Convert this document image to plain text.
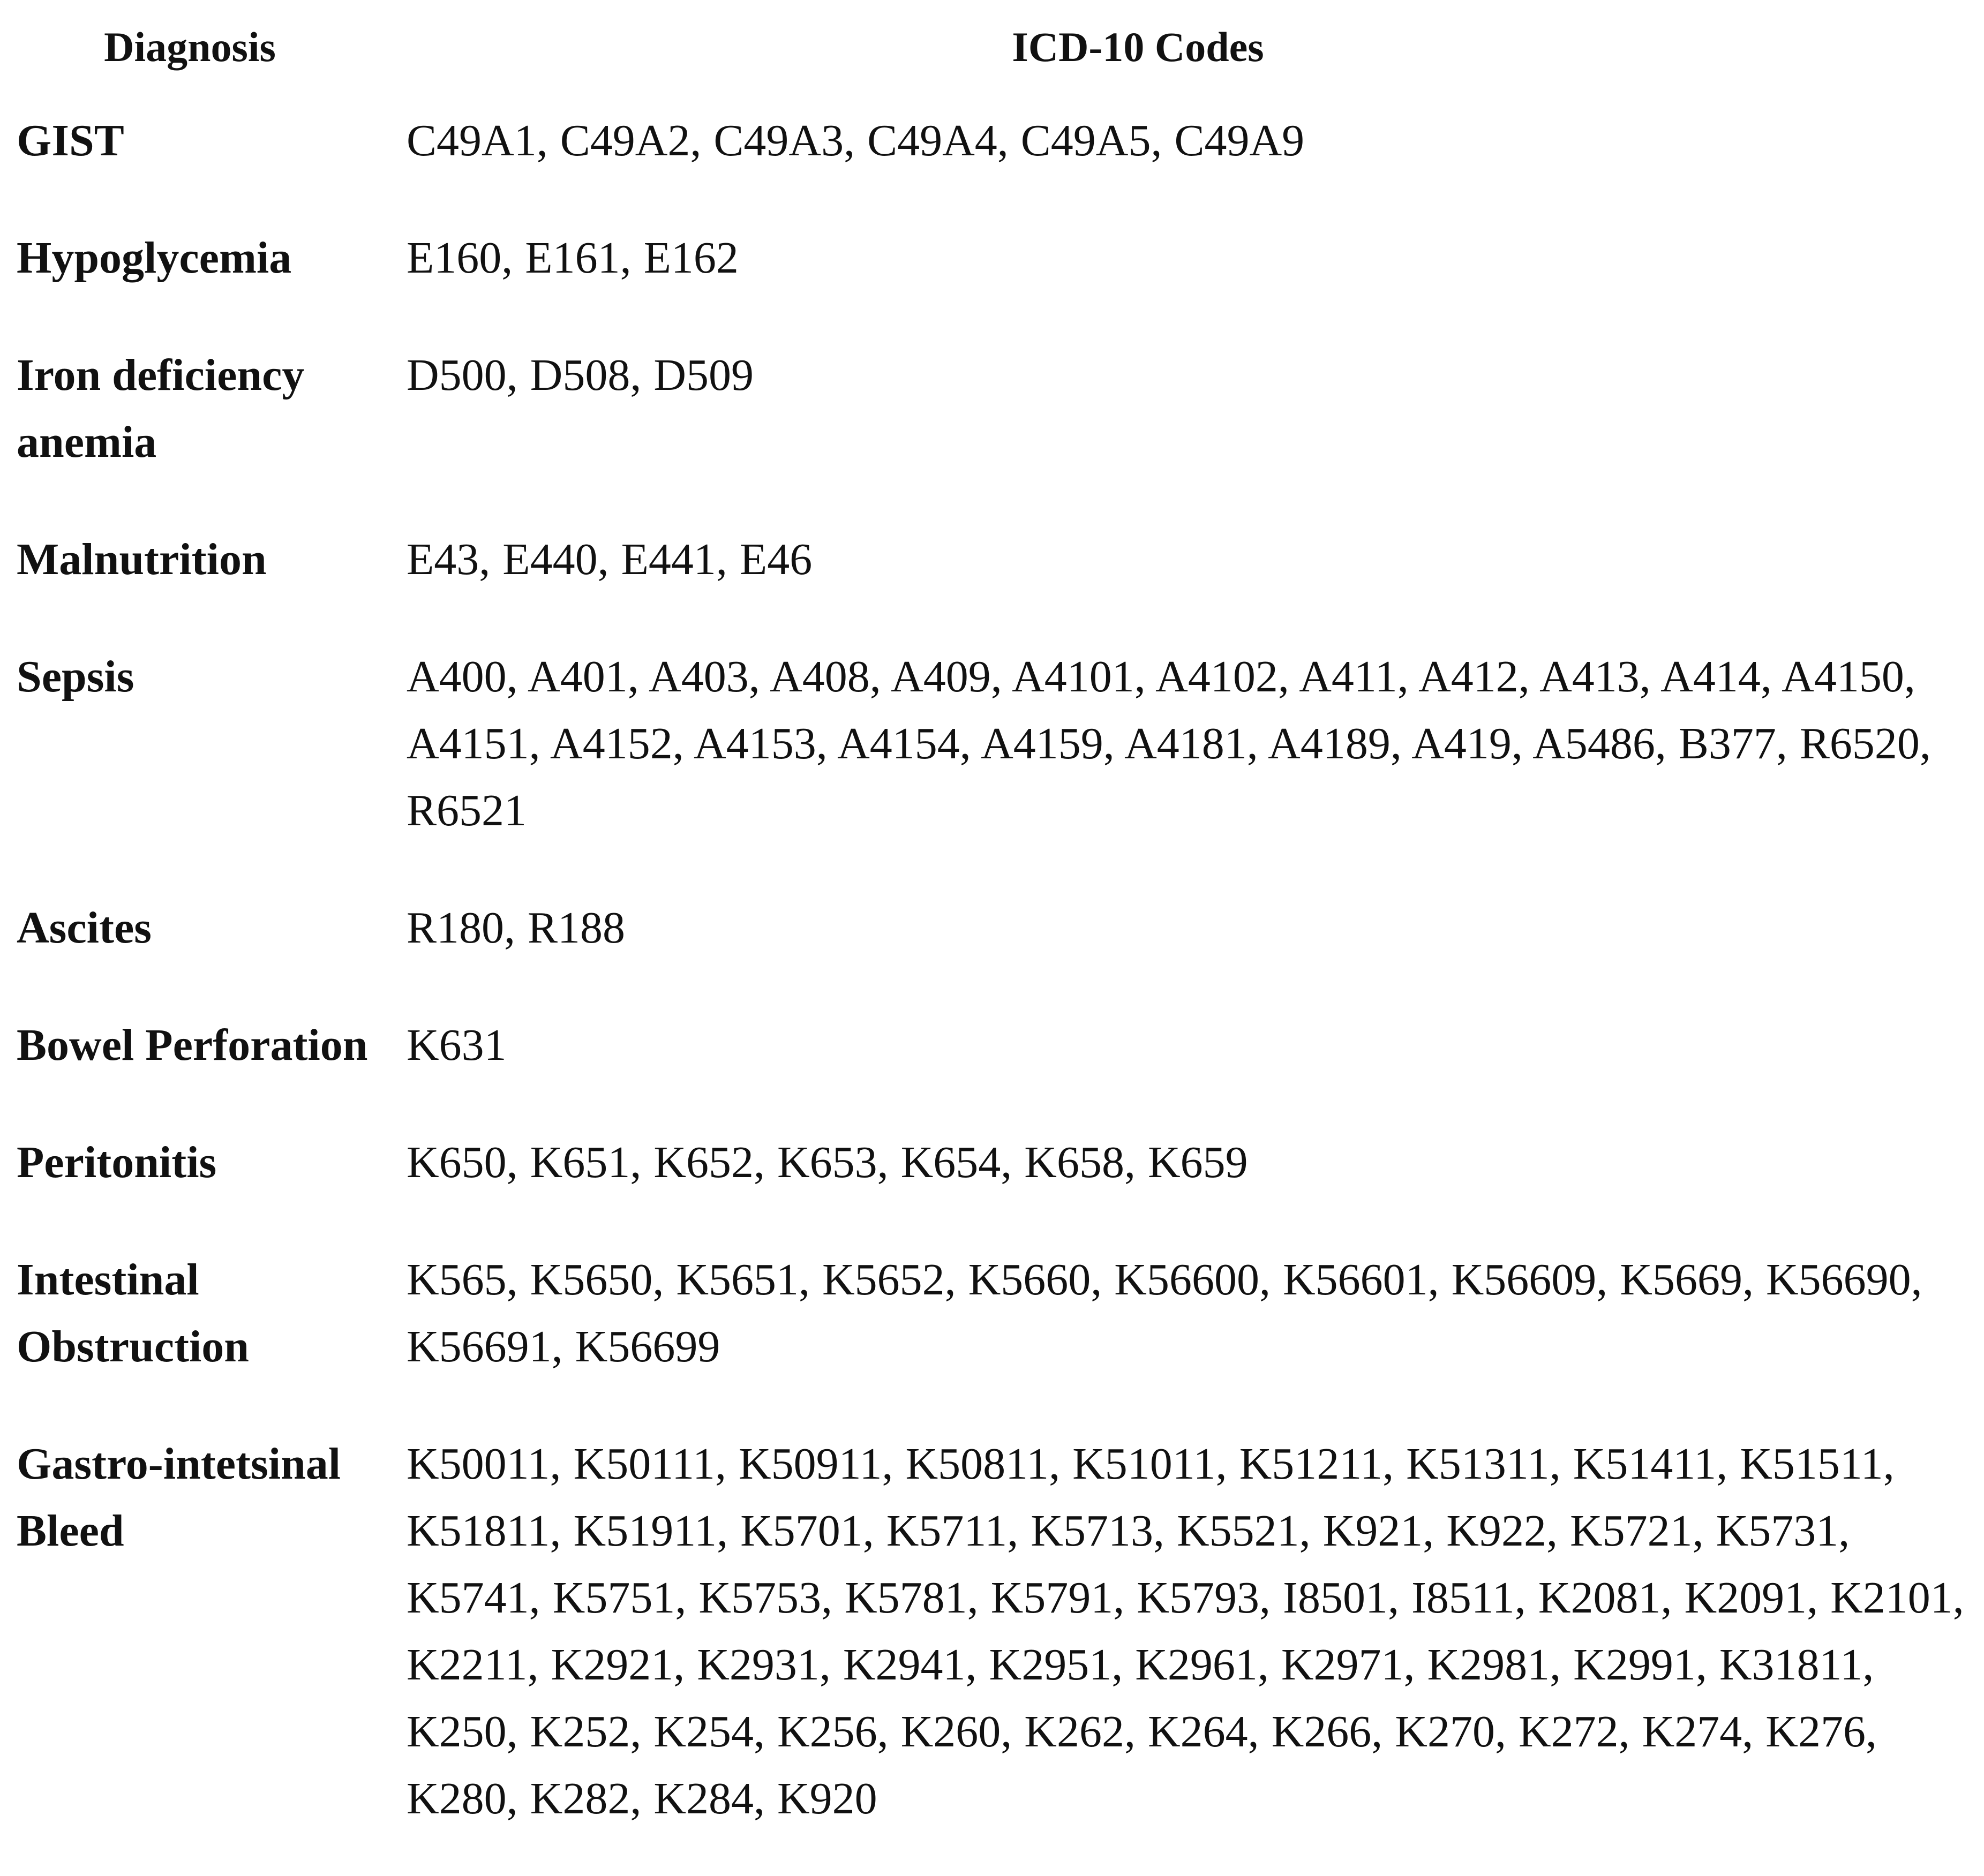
Diagnosis	ICD-10 Codes
GIST	C49A1, C49A2, C49A3, C49A4, C49A5, C49A9
Hypoglycemia	E160, E161, E162
Iron deficiency anemia	D500, D508, D509
Malnutrition	E43, E440, E441, E46
Sepsis	A400, A401, A403, A408, A409, A4101, A4102, A411, A412, A413, A414, A4150, A4151, A4152, A4153, A4154, A4159, A4181, A4189, A419, A5486, B377, R6520, R6521
Ascites	R180, R188
Bowel Perforation	K631
Peritonitis	K650, K651, K652, K653, K654, K658, K659
Intestinal Obstruction	K565, K5650, K5651, K5652, K5660, K56600, K56601, K56609, K5669, K56690, K56691, K56699
Gastro-intetsinal Bleed	K50011, K50111, K50911, K50811, K51011, K51211, K51311, K51411, K51511, K51811, K51911, K5701, K5711, K5713, K5521, K921, K922, K5721, K5731, K5741, K5751, K5753, K5781, K5791, K5793, I8501, I8511, K2081, K2091, K2101, K2211, K2921, K2931, K2941, K2951, K2961, K2971, K2981, K2991, K31811, K250, K252, K254, K256, K260, K262, K264, K266, K270, K272, K274, K276, K280, K282, K284, K920
